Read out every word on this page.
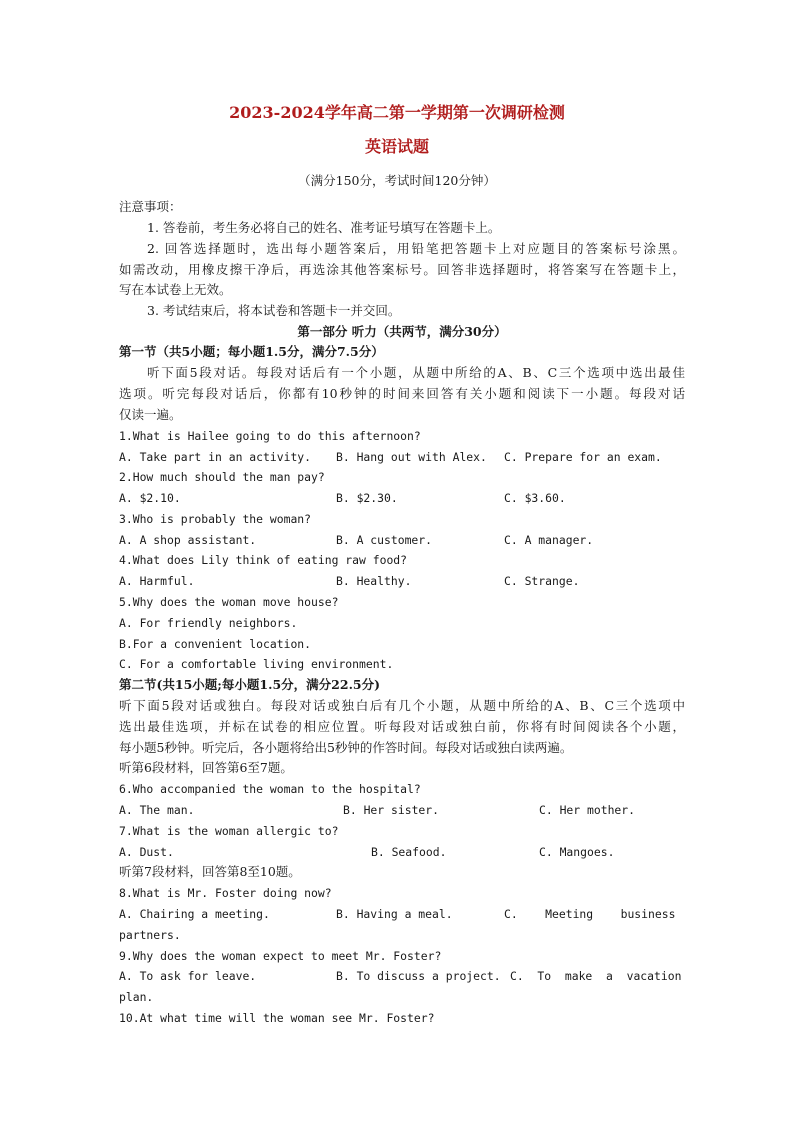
2023-2024学年高二第一学期第一次调研检测
英语试题
（满分150分，考试时间120分钟）
注意事项：
1. 答卷前，考生务必将自己的姓名、准考证号填写在答题卡上。
2. 回答选择题时，选出每小题答案后，用铅笔把答题卡上对应题目的答案标号涂黑。
如需改动，用橡皮擦干净后，再选涂其他答案标号。回答非选择题时，将答案写在答题卡上，
写在本试卷上无效。
3. 考试结束后，将本试卷和答题卡一并交回。
第一部分 听力（共两节，满分30分）
第一节（共5小题；每小题1.5分，满分7.5分）
听下面5段对话。每段对话后有一个小题，从题中所给的A、B、C三个选项中选出最佳
选项。听完每段对话后，你都有10秒钟的时间来回答有关小题和阅读下一小题。每段对话
仅读一遍。
1.What is Hailee going to do this afternoon?
A. Take part in an activity. B. Hang out with Alex. C. Prepare for an exam.
2.How much should the man pay?
A. $2.10.	B. $2.30.	C. $3.60.
3.Who is probably the woman?
A. A shop assistant.	B. A customer.	C. A manager.
4.What does Lily think of eating raw food?
A. Harmful.	B. Healthy.	C. Strange.
5.Why does the woman move house?
A. For friendly neighbors.
B.For a convenient location.
C. For a comfortable living environment.
第二节(共15小题;每小题1.5分，满分22.5分)
听下面5段对话或独白。每段对话或独白后有几个小题，从题中所给的A、B、C三个选项中
选出最佳选项，并标在试卷的相应位置。听每段对话或独白前，你将有时间阅读各个小题，
每小题5秒钟。听完后，各小题将给出5秒钟的作答时间。每段对话或独白读两遍。
听第6段材料，回答第6至7题。
6.Who accompanied the woman to the hospital?
A. The man.	B. Her sister.	C. Her mother.
7.What is the woman allergic to?
A. Dust.	B. Seafood.	C. Mangoes.
听第7段材料，回答第8至10题。
8.What is Mr. Foster doing now?
A. Chairing a meeting.	B. Having a meal.	C.    Meeting    business
partners.
9.Why does the woman expect to meet Mr. Foster?
A. To ask for leave.	B. To discuss a project. C.  To  make  a  vacation
plan.
10.At what time will the woman see Mr. Foster?
